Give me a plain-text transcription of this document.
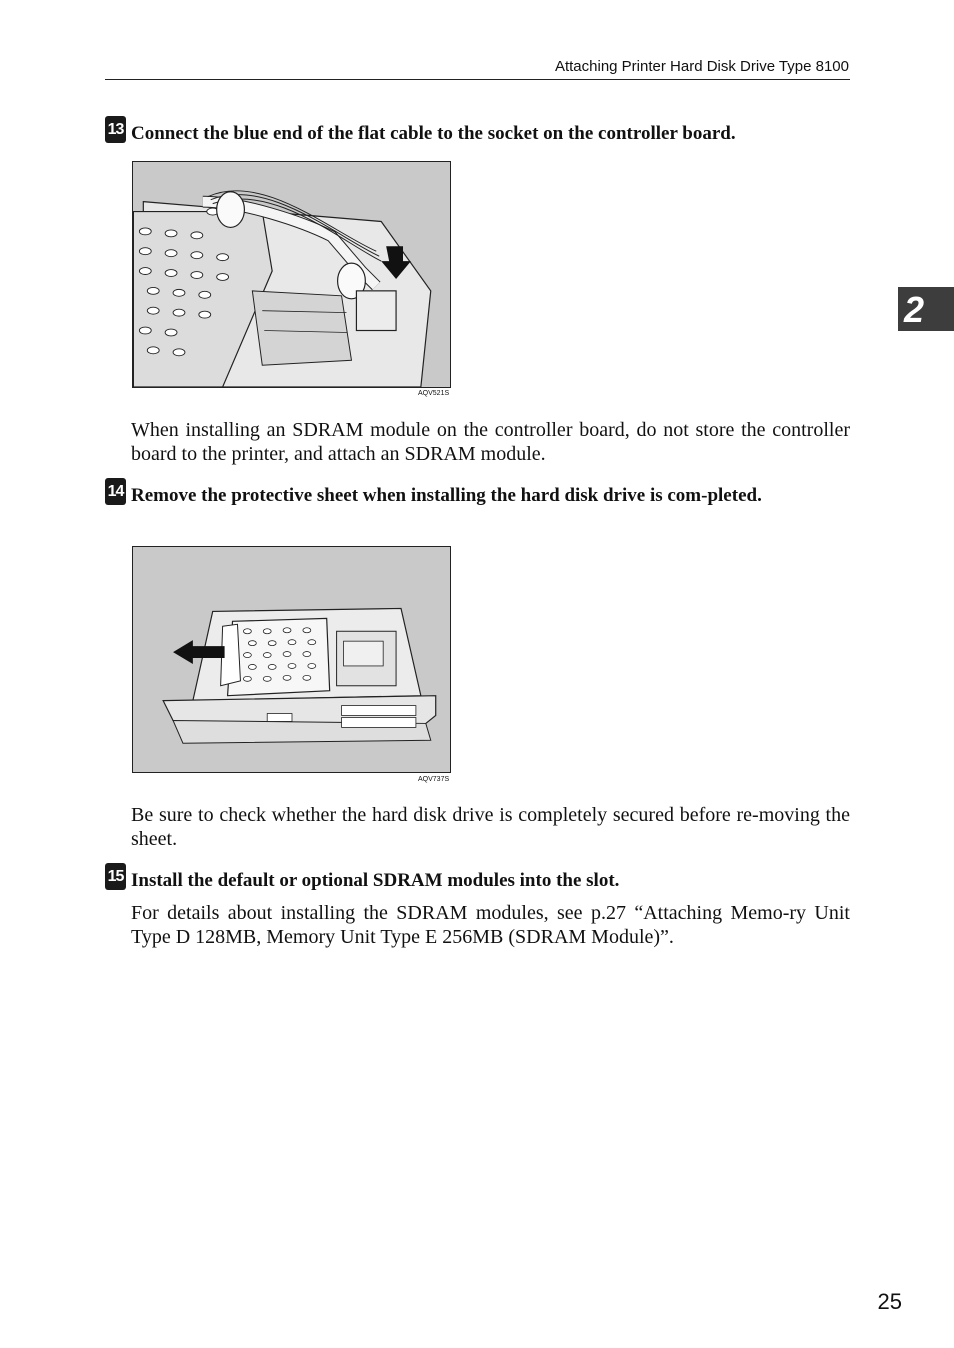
Attaching Printer Hard Disk Drive Type 8100
2
13 Connect the blue end of the flat cable to the socket on the controller board.
AQV521S
When installing an SDRAM module on the controller board, do not store the controller board to the printer, and attach an SDRAM module.
14 Remove the protective sheet when installing the hard disk drive is com-pleted.
AQV737S
Be sure to check whether the hard disk drive is completely secured before re-moving the sheet.
15 Install the default or optional SDRAM modules into the slot.
For details about installing the SDRAM modules, see p.27 “Attaching Memo-ry Unit Type D 128MB, Memory Unit Type E 256MB (SDRAM Module)”.
25
